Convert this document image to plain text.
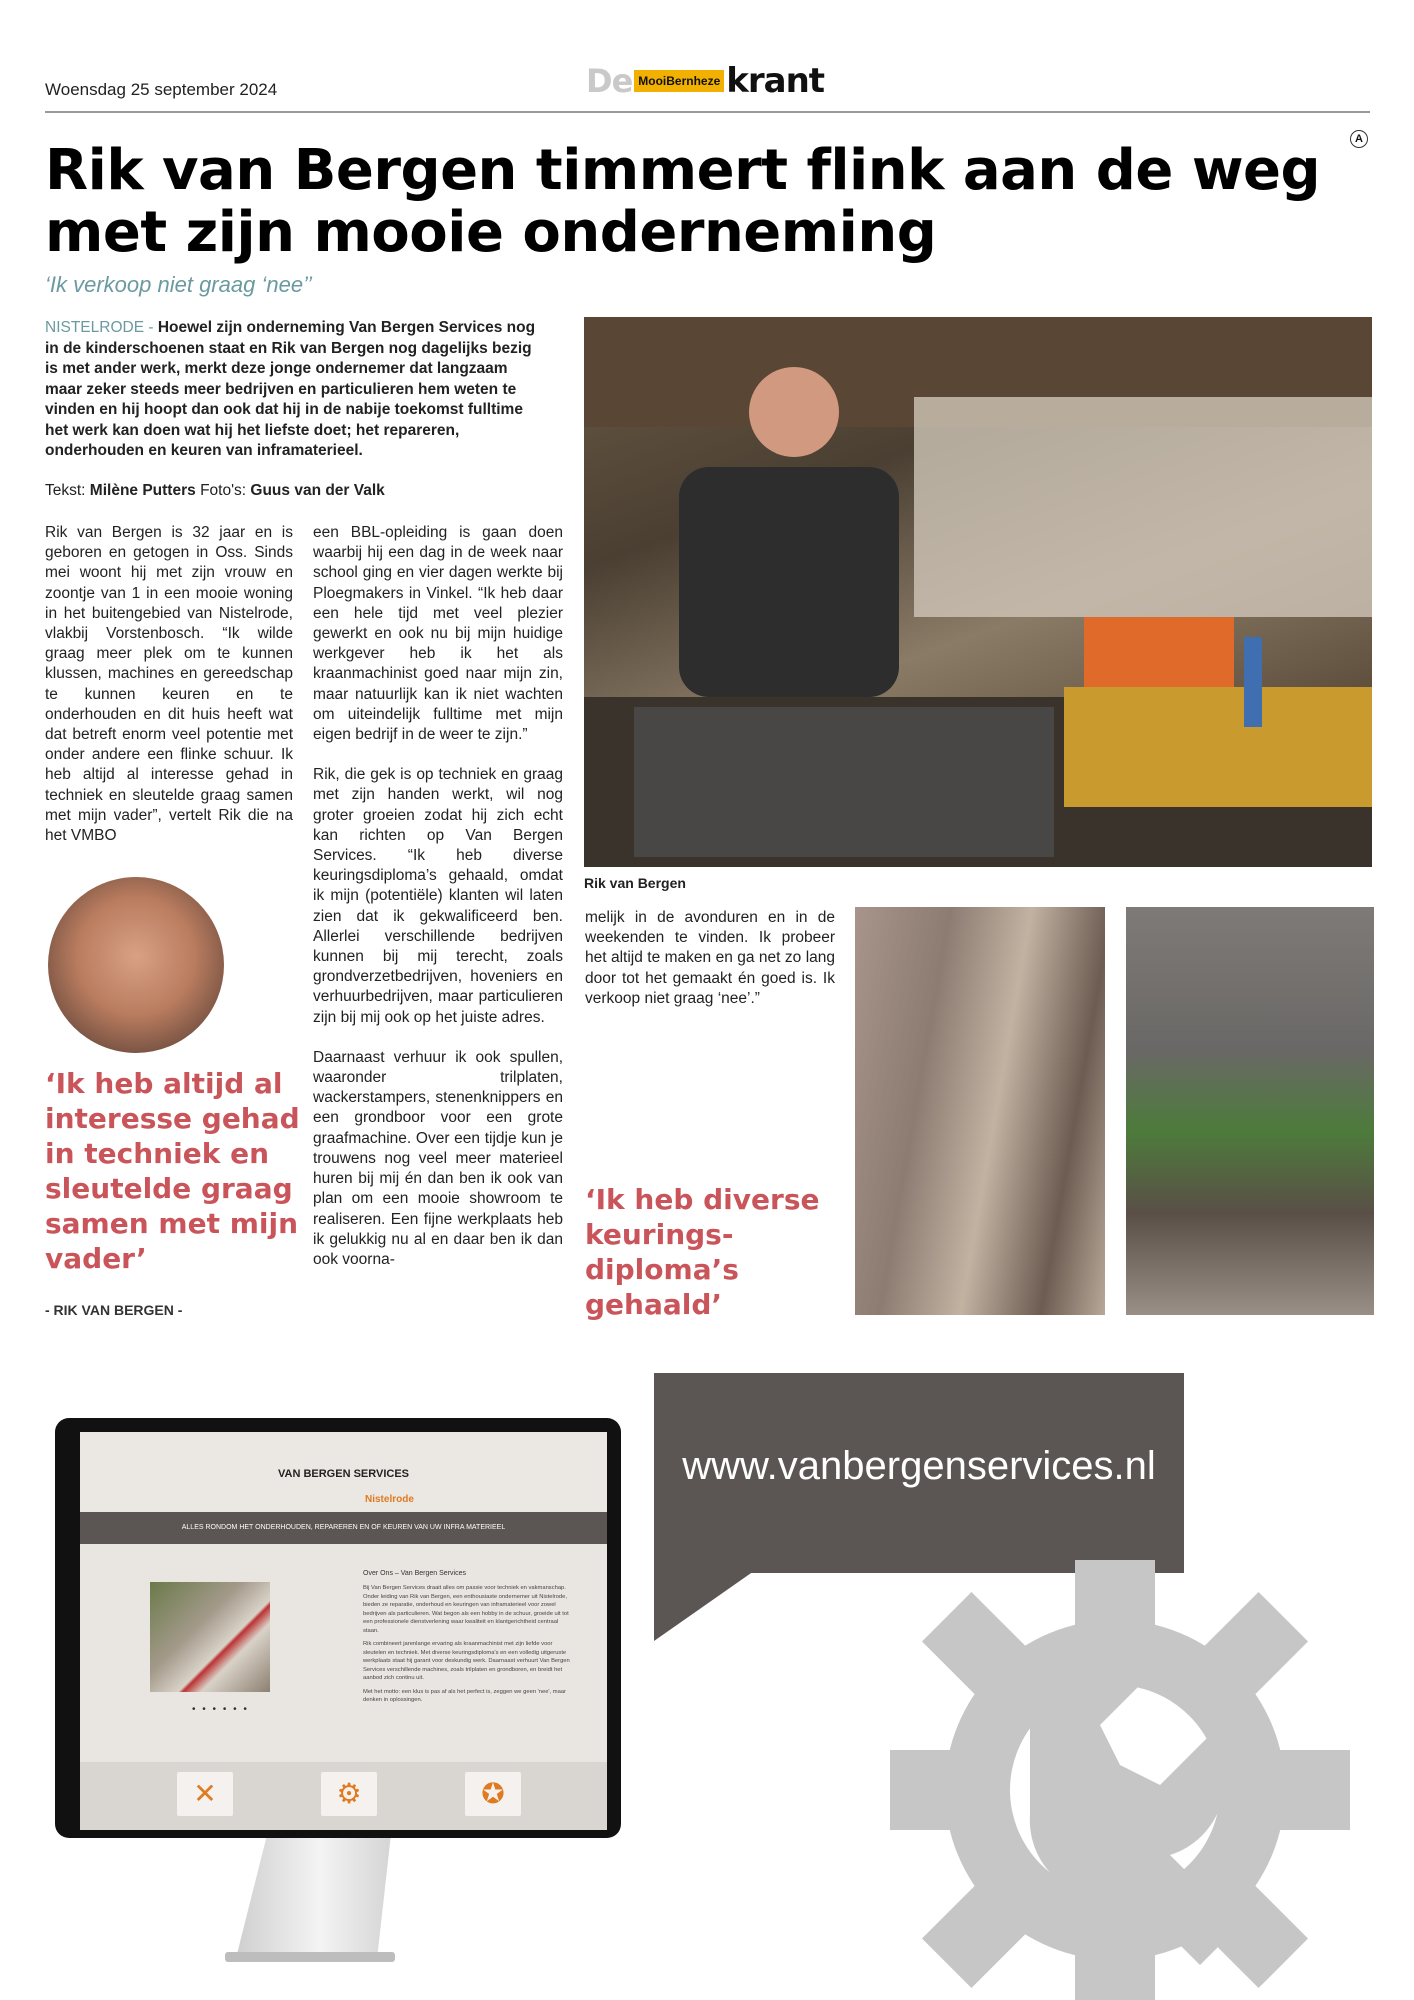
Woensdag 25 september 2024	De MooiBernheze krant
A
Rik van Bergen timmert flink aan de weg met zijn mooie onderneming
‘Ik verkoop niet graag ‘nee’’
NISTELRODE - Hoewel zijn onderneming Van Bergen Services nog in de kinderschoenen staat en Rik van Bergen nog dagelijks bezig is met ander werk, merkt deze jonge ondernemer dat langzaam maar zeker steeds meer bedrijven en particulieren hem weten te vinden en hij hoopt dan ook dat hij in de nabije toekomst fulltime het werk kan doen wat hij het liefste doet; het repareren, onderhouden en keuren van inframaterieel.
Tekst: Milène Putters Foto's: Guus van der Valk

Rik van Bergen is 32 jaar en is geboren en getogen in Oss. Sinds mei woont hij met zijn vrouw en zoontje van 1 in een mooie woning in het buitengebied van Nistelrode, vlakbij Vorstenbosch. “Ik wilde graag meer plek om te kunnen klussen, machines en gereedschap te kunnen keuren en te onderhouden en dit huis heeft wat dat betreft enorm veel potentie met onder andere een flinke schuur. Ik heb altijd al interesse gehad in techniek en sleutelde graag samen met mijn vader”, vertelt Rik die na het VMBO

een BBL-opleiding is gaan doen waarbij hij een dag in de week naar school ging en vier dagen werkte bij Ploegmakers in Vinkel. “Ik heb daar een hele tijd met veel plezier gewerkt en ook nu bij mijn huidige werkgever heb ik het als kraanmachinist goed naar mijn zin, maar natuurlijk kan ik niet wachten om uiteindelijk fulltime met mijn eigen bedrijf in de weer te zijn.”

Rik, die gek is op techniek en graag met zijn handen werkt, wil nog groter groeien zodat hij zich echt kan richten op Van Bergen Services. “Ik heb diverse keuringsdiploma’s gehaald, omdat ik mijn (potentiële) klanten wil laten zien dat ik gekwalificeerd ben. Allerlei verschillende bedrijven kunnen bij mij terecht, zoals grondverzetbedrijven, hoveniers en verhuurbedrijven, maar particulieren zijn bij mij ook op het juiste adres.

Daarnaast verhuur ik ook spullen, waaronder trilplaten, wackerstampers, stenenknippers en een grondboor voor een grote graafmachine. Over een tijdje kun je trouwens nog veel meer materieel huren bij mij én dan ben ik ook van plan om een mooie showroom te realiseren. Een fijne werkplaats heb ik gelukkig nu al en daar ben ik dan ook voorna-

melijk in de avonduren en in de weekenden te vinden. Ik probeer het altijd te maken en ga net zo lang door tot het gemaakt én goed is. Ik verkoop niet graag ‘nee’.”

Rik van Bergen
‘Ik heb altijd al interesse gehad in techniek en sleutelde graag samen met mijn vader’
- RIK VAN BERGEN -
‘Ik heb diverse keurings-diploma’s gehaald’
www.vanbergenservices.nl
VAN BERGEN SERVICES
Nistelrode
ALLES RONDOM HET ONDERHOUDEN, REPAREREN EN OF KEUREN VAN UW INFRA MATERIEEL
• • • • • •
Over Ons – Van Bergen Services
Bij Van Bergen Services draait alles om passie voor techniek en vakmanschap. Onder leiding van Rik van Bergen, een enthousiaste ondernemer uit Nistelrode, bieden ze reparatie, onderhoud en keuringen van inframaterieel voor zowel bedrijven als particulieren. Wat begon als een hobby in de schuur, groeide uit tot een professionele dienstverlening waar kwaliteit en klantgerichtheid centraal staan.
Rik combineert jarenlange ervaring als kraanmachinist met zijn liefde voor sleutelen en techniek. Met diverse keuringsdiploma's en een volledig uitgeruste werkplaats staat hij garant voor deskundig werk. Daarnaast verhuurt Van Bergen Services verschillende machines, zoals trilplaten en grondboren, en breidt het aanbod zich continu uit.
Met het motto: een klus is pas af als het perfect is, zeggen we geen 'nee', maar denken in oplossingen.
✕	⚙	✪
